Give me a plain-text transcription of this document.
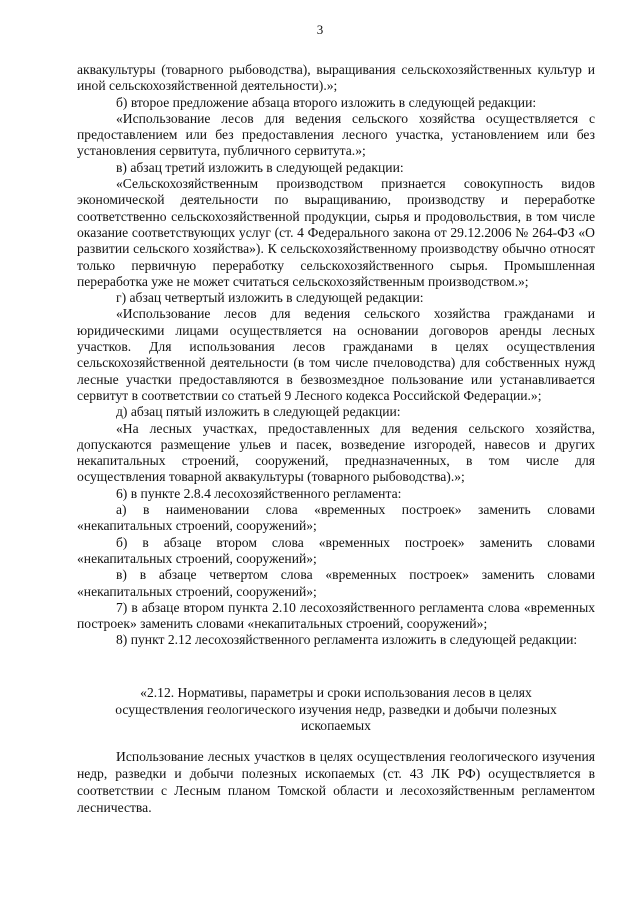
3

аквакультуры (товарного рыбоводства), выращивания сельскохозяйственных культур и иной сельскохозяйственной деятельности).»;

б) второе предложение абзаца второго изложить в следующей редакции:

«Использование лесов для ведения сельского хозяйства осуществляется с предоставлением или без предоставления лесного участка, установлением или без установления сервитута, публичного сервитута.»;

в) абзац третий изложить в следующей редакции:

«Сельскохозяйственным производством признается совокупность видов экономической деятельности по выращиванию, производству и переработке соответственно сельскохозяйственной продукции, сырья и продовольствия, в том числе оказание соответствующих услуг (ст. 4 Федерального закона от 29.12.2006 № 264-ФЗ «О развитии сельского хозяйства»). К сельскохозяйственному производству обычно относят только первичную переработку сельскохозяйственного сырья. Промышленная переработка уже не может считаться сельскохозяйственным производством.»;

г) абзац четвертый изложить в следующей редакции:

«Использование лесов для ведения сельского хозяйства гражданами и юридическими лицами осуществляется на основании договоров аренды лесных участков. Для использования лесов гражданами в целях осуществления сельскохозяйственной деятельности (в том числе пчеловодства) для собственных нужд лесные участки предоставляются в безвозмездное пользование или устанавливается сервитут в соответствии со статьей 9 Лесного кодекса Российской Федерации.»;

д) абзац пятый изложить в следующей редакции:

«На лесных участках, предоставленных для ведения сельского хозяйства, допускаются размещение ульев и пасек, возведение изгородей, навесов и других некапитальных строений, сооружений, предназначенных, в том числе для осуществления товарной аквакультуры (товарного рыбоводства).»;

6) в пункте 2.8.4 лесохозяйственного регламента:

а) в наименовании слова «временных построек» заменить словами «некапитальных строений, сооружений»;

б) в абзаце втором слова «временных построек» заменить словами «некапитальных строений, сооружений»;

в) в абзаце четвертом слова «временных построек» заменить словами «некапитальных строений, сооружений»;

7) в абзаце втором пункта 2.10 лесохозяйственного регламента слова «временных построек» заменить словами «некапитальных строений, сооружений»;

8) пункт 2.12 лесохозяйственного регламента изложить в следующей редакции:

«2.12. Нормативы, параметры и сроки использования лесов в целях осуществления геологического изучения недр, разведки и добычи полезных ископаемых

Использование лесных участков в целях осуществления геологического изучения недр, разведки и добычи полезных ископаемых (ст. 43 ЛК РФ) осуществляется в соответствии с Лесным планом Томской области и лесохозяйственным регламентом лесничества.
